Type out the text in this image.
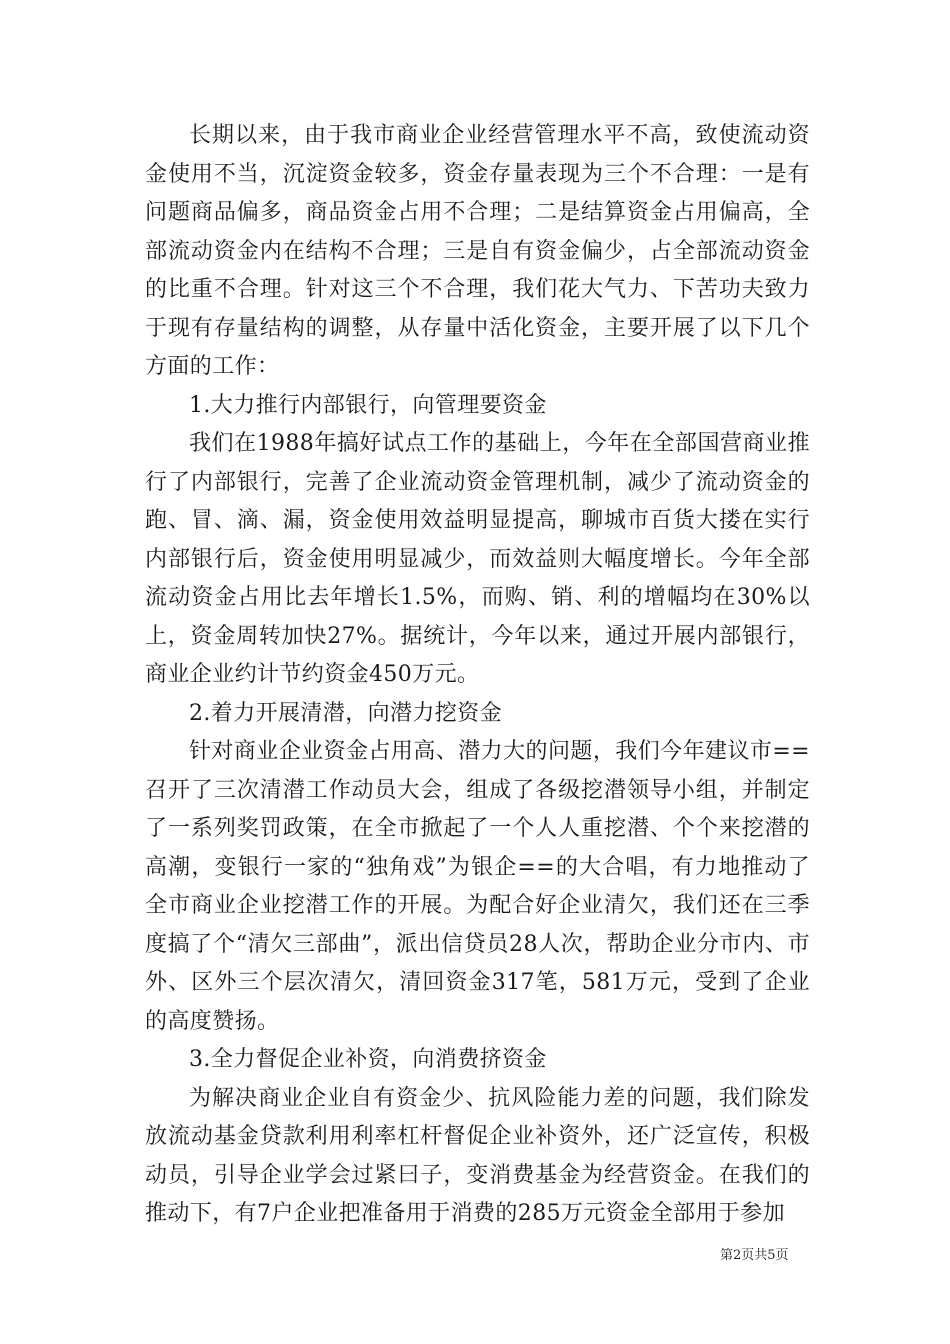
长期以来，由于我市商业企业经营管理水平不高，致使流动资金使用不当，沉淀资金较多，资金存量表现为三个不合理：一是有问题商品偏多，商品资金占用不合理；二是结算资金占用偏高，全部流动资金内在结构不合理；三是自有资金偏少，占全部流动资金的比重不合理。针对这三个不合理，我们花大气力、下苦功夫致力于现有存量结构的调整，从存量中活化资金，主要开展了以下几个方面的工作：

1.大力推行内部银行，向管理要资金

我们在1988年搞好试点工作的基础上，今年在全部国营商业推行了内部银行，完善了企业流动资金管理机制，减少了流动资金的跑、冒、滴、漏，资金使用效益明显提高，聊城市百货大搂在实行内部银行后，资金使用明显减少，而效益则大幅度增长。今年全部流动资金占用比去年增长1.5%，而购、销、利的增幅均在30%以上，资金周转加快27%。据统计，今年以来，通过开展内部银行，商业企业约计节约资金450万元。

2.着力开展清潜，向潜力挖资金

针对商业企业资金占用高、潜力大的问题，我们今年建议市==召开了三次清潜工作动员大会，组成了各级挖潜领导小组，并制定了一系列奖罚政策，在全市掀起了一个人人重挖潜、个个来挖潜的高潮，变银行一家的“独角戏”为银企==的大合唱，有力地推动了全市商业企业挖潜工作的开展。为配合好企业清欠，我们还在三季度搞了个“清欠三部曲”，派出信贷员28人次，帮助企业分市内、市外、区外三个层次清欠，清回资金317笔，581万元，受到了企业的高度赞扬。

3.全力督促企业补资，向消费挤资金

为解决商业企业自有资金少、抗风险能力差的问题，我们除发放流动基金贷款利用利率杠杆督促企业补资外，还广泛宣传，积极动员，引导企业学会过紧曰子，变消费基金为经营资金。在我们的推动下，有7户企业把准备用于消费的285万元资金全部用于参加

第2页共5页
